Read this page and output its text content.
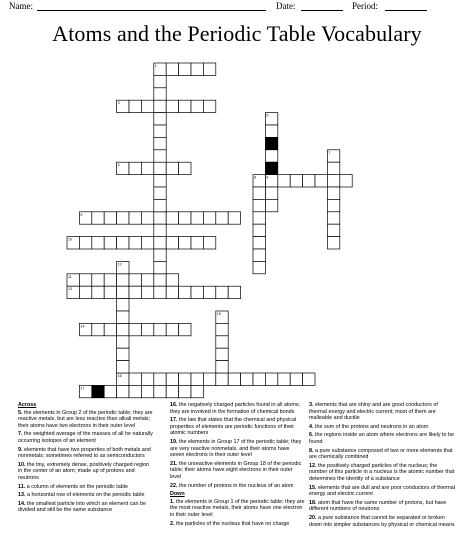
Name:	Date:	Period:
Atoms and the Periodic Table Vocabulary
1
3
4
6
9
10
11
13
14
16
17
5
7
8
12
15
Across
5. the elements in Group 2 of the periodic table; they are reactive metals, but are less reactive than alkali metals; their atoms have two electrons in their outer level
7. the weighted average of the masses of all he naturally occurring isotopes of an element
9. elements that have two properties of both metals and nonmetals; sometimes referred to as semiconductors
10. the tiny, extremely dense, positively charged region in the center of an atom; made up of protons and neutrons
11. a column of elements on the periodic table
13. a horizontal row of elements on the periodic table
14. the smallest particle into which an element can be divided and still be the same substance
16. the negatively charged particles found in all atoms; they are involved in the formation of chemical bonds
17. the law that states that the chemical and physical properties of elements are periodic functions of their atomic numbers
19. the elements in Group 17 of the periodic table; they are very reactive nonmetals, and their atoms have seven electrons in their outer level
21. the unreactive elements in Group 18 of the periodic table; their atoms have eight electrons in their outer level
22. the number of protons in the nucleus of an atom
Down
1. the elements in Group 1 of the periodic table; they are the most reactive metals, their atoms have one electron in their outer level
2. the particles of the nucleus that have no charge
3. elements that are shiny and are good conductors of thermal energy and electric current; most of them are malleable and ductile
4. the sum of the protons and neutrons in an atom
6. the regions inside an atom where electrons are likely to be found
8. a pure substance composed of two or more elements that are chemically combined
12. the positively charged particles of the nucleus; the number of this particle in a nucleus is the atomic number that determines the identity of a substance
15. elements that are dull and are poor conductors of thermal energy and electric current
18. atom that have the same number of protons, but have different numbers of neutrons
20. a pure substance that cannot be separated or broken down into simpler substances by physical or chemical means
